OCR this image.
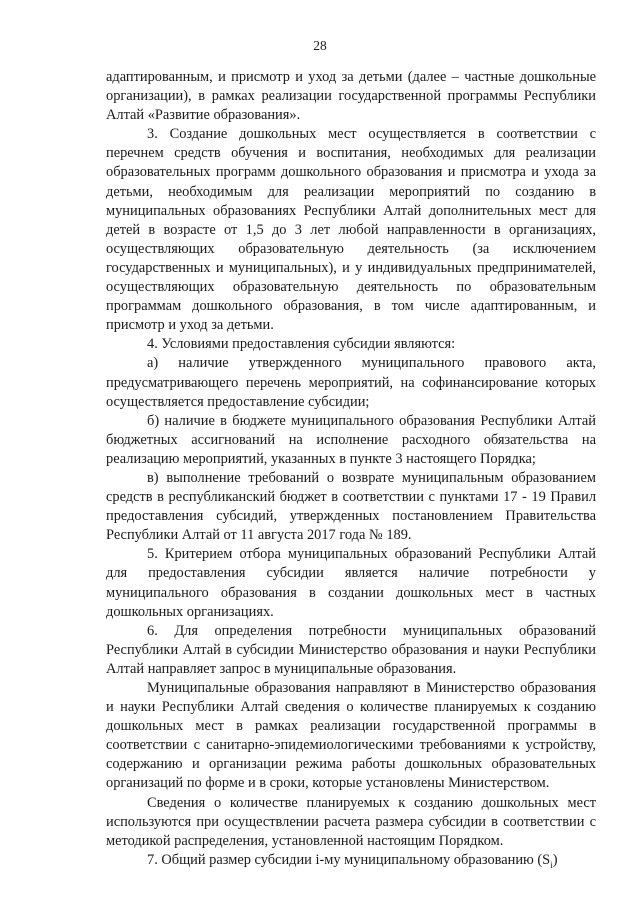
28

адаптированным, и присмотр и уход за детьми (далее – частные дошкольные организации), в рамках реализации государственной программы Республики Алтай «Развитие образования».

3. Создание дошкольных мест осуществляется в соответствии с перечнем средств обучения и воспитания, необходимых для реализации образовательных программ дошкольного образования и присмотра и ухода за детьми, необходимым для реализации мероприятий по созданию в муниципальных образованиях Республики Алтай дополнительных мест для детей в возрасте от 1,5 до 3 лет любой направленности в организациях, осуществляющих образовательную деятельность (за исключением государственных и муниципальных), и у индивидуальных предпринимателей, осуществляющих образовательную деятельность по образовательным программам дошкольного образования, в том числе адаптированным, и присмотр и уход за детьми.

4. Условиями предоставления субсидии являются:

а) наличие утвержденного муниципального правового акта, предусматривающего перечень мероприятий, на софинансирование которых осуществляется предоставление субсидии;

б) наличие в бюджете муниципального образования Республики Алтай бюджетных ассигнований на исполнение расходного обязательства на реализацию мероприятий, указанных в пункте 3 настоящего Порядка;

в) выполнение требований о возврате муниципальным образованием средств в республиканский бюджет в соответствии с пунктами 17 - 19 Правил предоставления субсидий, утвержденных постановлением Правительства Республики Алтай от 11 августа 2017 года № 189.

5. Критерием отбора муниципальных образований Республики Алтай для предоставления субсидии является наличие потребности у муниципального образования в создании дошкольных мест в частных дошкольных организациях.

6. Для определения потребности муниципальных образований Республики Алтай в субсидии Министерство образования и науки Республики Алтай направляет запрос в муниципальные образования.

Муниципальные образования направляют в Министерство образования и науки Республики Алтай сведения о количестве планируемых к созданию дошкольных мест в рамках реализации государственной программы в соответствии с санитарно-эпидемиологическими требованиями к устройству, содержанию и организации режима работы дошкольных образовательных организаций по форме и в сроки, которые установлены Министерством.

Сведения о количестве планируемых к созданию дошкольных мест используются при осуществлении расчета размера субсидии в соответствии с методикой распределения, установленной настоящим Порядком.

7. Общий размер субсидии i-му муниципальному образованию $(S_i)$
